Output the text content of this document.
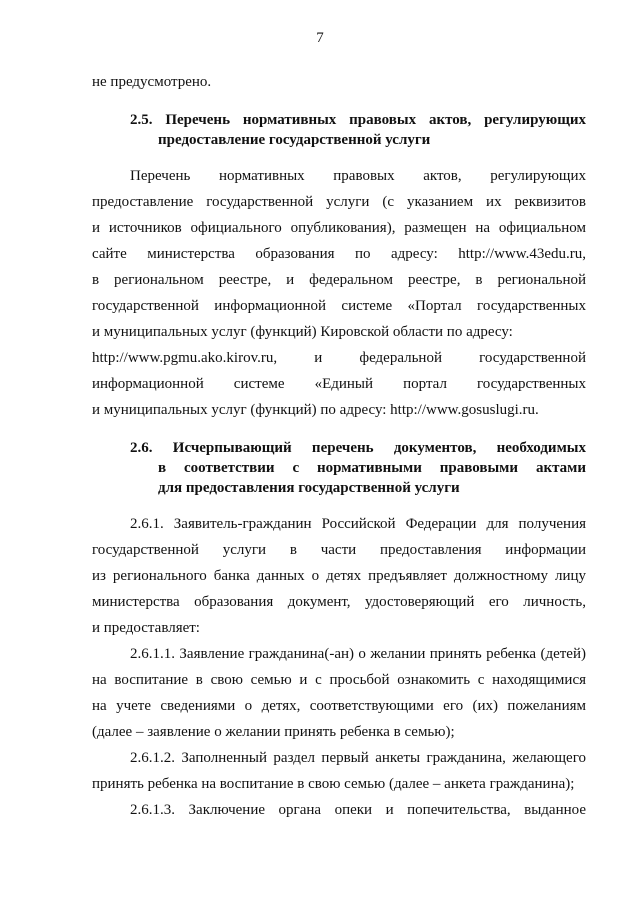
7
не предусмотрено.
2.5. Перечень нормативных правовых актов, регулирующих
предоставление государственной услуги
Перечень нормативных правовых актов, регулирующих
предоставление государственной услуги (с указанием их реквизитов
и источников официального опубликования), размещен на официальном
сайте министерства образования по адресу: http://www.43edu.ru,
в региональном реестре, и федеральном реестре, в региональной
государственной информационной системе «Портал государственных
и муниципальных услуг (функций) Кировской области по адресу:
http://www.pgmu.ako.kirov.ru, и федеральной государственной
информационной системе «Единый портал государственных
и муниципальных услуг (функций) по адресу: http://www.gosuslugi.ru.
2.6. Исчерпывающий перечень документов, необходимых
в соответствии с нормативными правовыми актами
для предоставления государственной услуги
2.6.1. Заявитель-гражданин Российской Федерации для получения
государственной услуги в части предоставления информации
из регионального банка данных о детях предъявляет должностному лицу
министерства образования документ, удостоверяющий его личность,
и предоставляет:
2.6.1.1. Заявление гражданина(-ан) о желании принять ребенка (детей)
на воспитание в свою семью и с просьбой ознакомить с находящимися
на учете сведениями о детях, соответствующими его (их) пожеланиям
(далее – заявление о желании принять ребенка в семью);
2.6.1.2. Заполненный раздел первый анкеты гражданина, желающего
принять ребенка на воспитание в свою семью (далее – анкета гражданина);
2.6.1.3. Заключение органа опеки и попечительства, выданное
